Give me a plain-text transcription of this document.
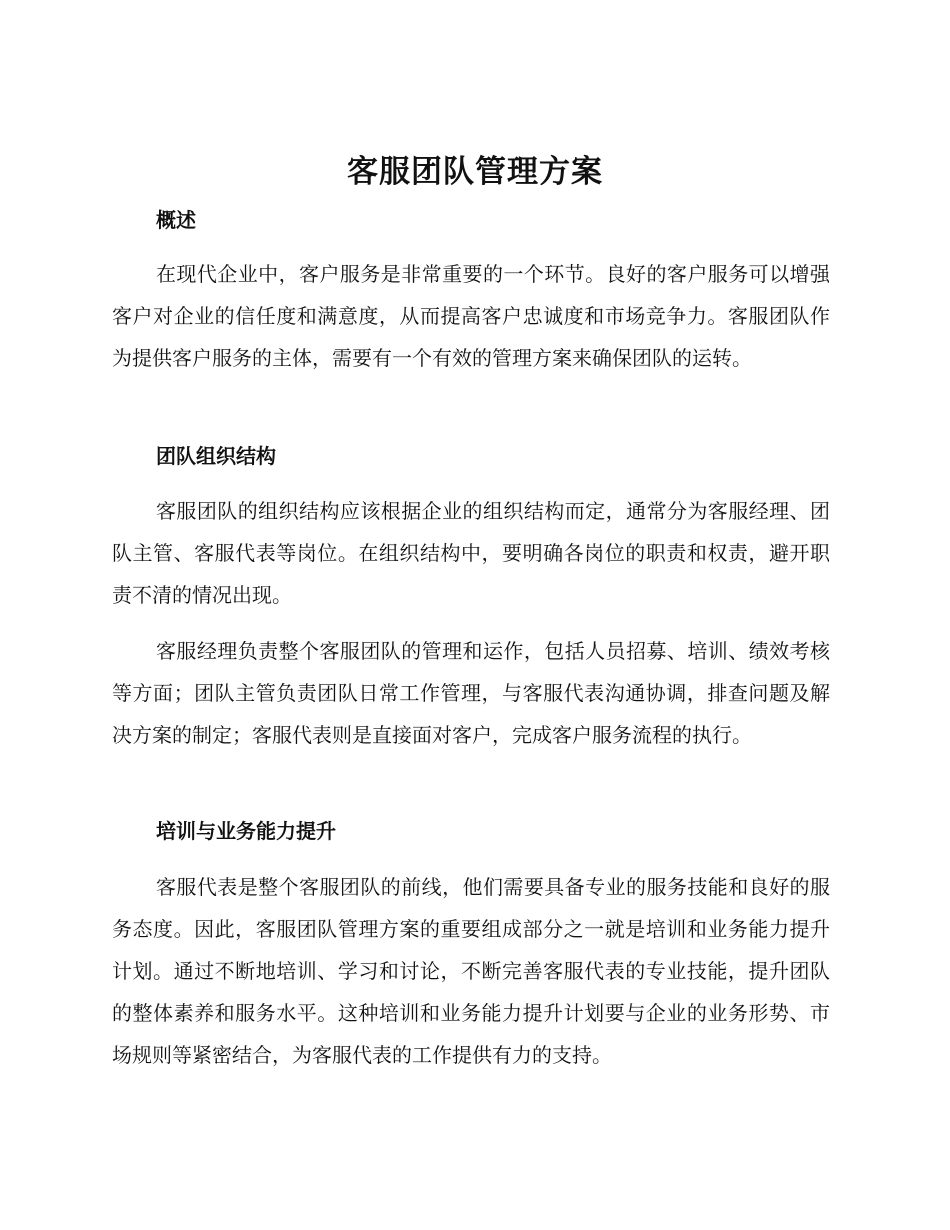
客服团队管理方案
概述

在现代企业中，客户服务是非常重要的一个环节。良好的客户服务可以增强客户对企业的信任度和满意度，从而提高客户忠诚度和市场竞争力。客服团队作为提供客户服务的主体，需要有一个有效的管理方案来确保团队的运转。

团队组织结构

客服团队的组织结构应该根据企业的组织结构而定，通常分为客服经理、团队主管、客服代表等岗位。在组织结构中，要明确各岗位的职责和权责，避开职责不清的情况出现。

客服经理负责整个客服团队的管理和运作，包括人员招募、培训、绩效考核等方面；团队主管负责团队日常工作管理，与客服代表沟通协调，排查问题及解决方案的制定；客服代表则是直接面对客户，完成客户服务流程的执行。

培训与业务能力提升

客服代表是整个客服团队的前线，他们需要具备专业的服务技能和良好的服务态度。因此，客服团队管理方案的重要组成部分之一就是培训和业务能力提升计划。通过不断地培训、学习和讨论，不断完善客服代表的专业技能，提升团队的整体素养和服务水平。这种培训和业务能力提升计划要与企业的业务形势、市场规则等紧密结合，为客服代表的工作提供有力的支持。
